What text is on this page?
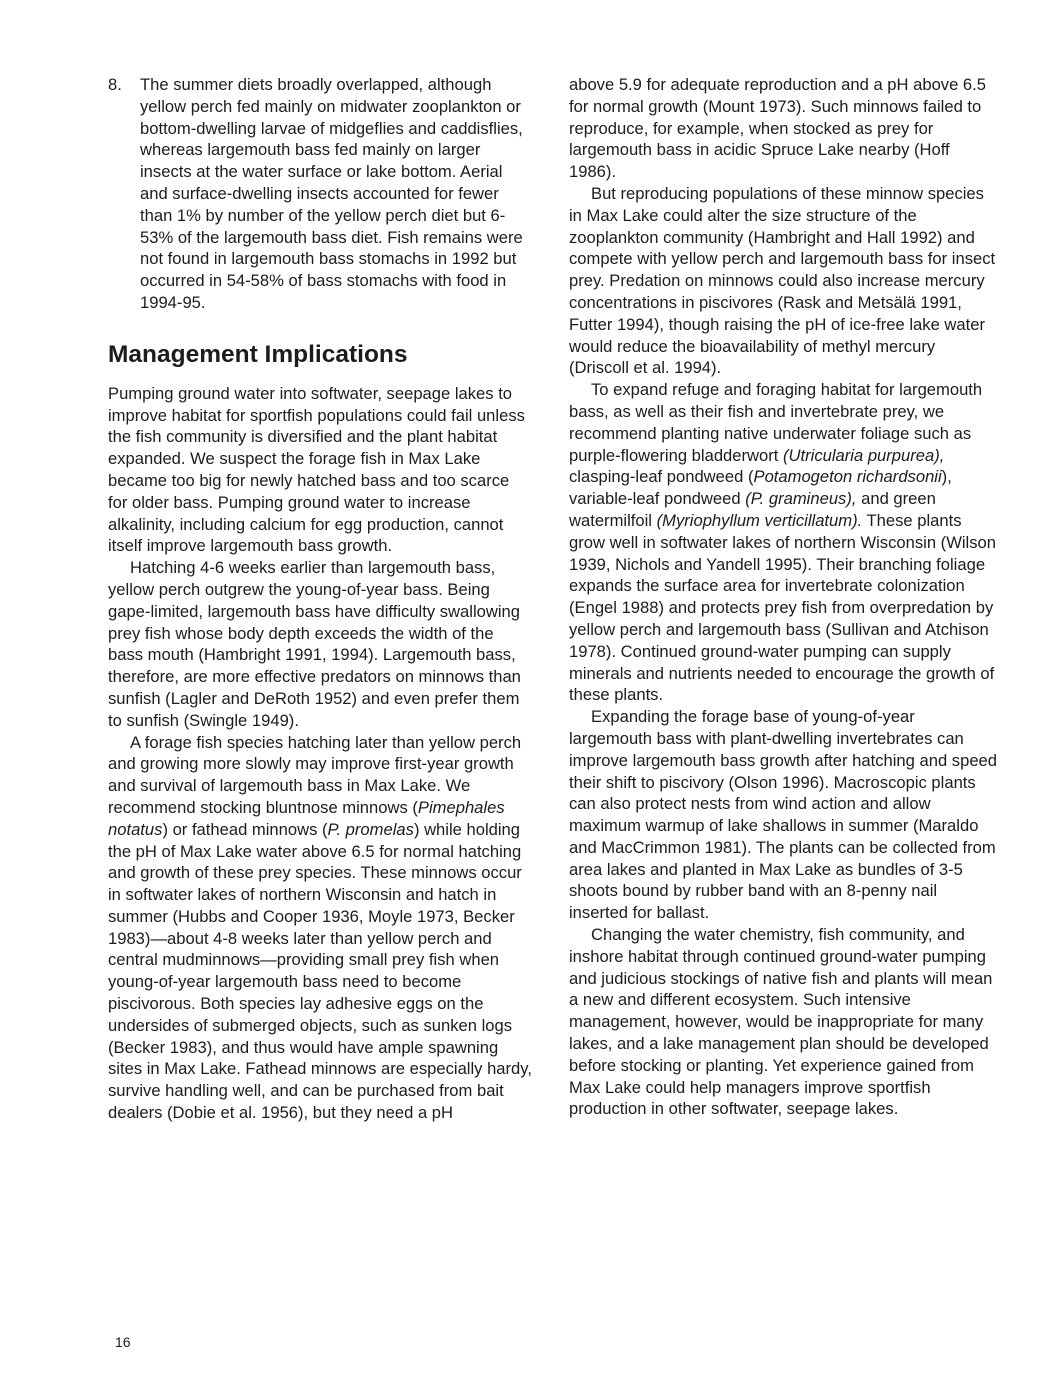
8.	The summer diets broadly overlapped, although yellow perch fed mainly on midwater zooplankton or bottom-dwelling larvae of midgeflies and caddisflies, whereas largemouth bass fed mainly on larger insects at the water surface or lake bottom. Aerial and surface-dwelling insects accounted for fewer than 1% by number of the yellow perch diet but 6-53% of the largemouth bass diet. Fish remains were not found in largemouth bass stomachs in 1992 but occurred in 54-58% of bass stomachs with food in 1994-95.
Management Implications

Pumping ground water into softwater, seepage lakes to improve habitat for sportfish populations could fail unless the fish community is diversified and the plant habitat expanded. We suspect the forage fish in Max Lake became too big for newly hatched bass and too scarce for older bass. Pumping ground water to increase alkalinity, including calcium for egg production, cannot itself improve largemouth bass growth.

Hatching 4-6 weeks earlier than largemouth bass, yellow perch outgrew the young-of-year bass. Being gape-limited, largemouth bass have difficulty swallowing prey fish whose body depth exceeds the width of the bass mouth (Hambright 1991, 1994). Largemouth bass, therefore, are more effective predators on minnows than sunfish (Lagler and DeRoth 1952) and even prefer them to sunfish (Swingle 1949).

A forage fish species hatching later than yellow perch and growing more slowly may improve first-year growth and survival of largemouth bass in Max Lake. We recommend stocking bluntnose minnows (Pimephales notatus) or fathead minnows (P. promelas) while holding the pH of Max Lake water above 6.5 for normal hatching and growth of these prey species. These minnows occur in softwater lakes of northern Wisconsin and hatch in summer (Hubbs and Cooper 1936, Moyle 1973, Becker 1983)—about 4-8 weeks later than yellow perch and central mudminnows—providing small prey fish when young-of-year largemouth bass need to become piscivorous. Both species lay adhesive eggs on the undersides of submerged objects, such as sunken logs (Becker 1983), and thus would have ample spawning sites in Max Lake. Fathead minnows are especially hardy, survive handling well, and can be purchased from bait dealers (Dobie et al. 1956), but they need a pH

above 5.9 for adequate reproduction and a pH above 6.5 for normal growth (Mount 1973). Such minnows failed to reproduce, for example, when stocked as prey for largemouth bass in acidic Spruce Lake nearby (Hoff 1986).

But reproducing populations of these minnow species in Max Lake could alter the size structure of the zooplankton community (Hambright and Hall 1992) and compete with yellow perch and largemouth bass for insect prey. Predation on minnows could also increase mercury concentrations in piscivores (Rask and Metsälä 1991, Futter 1994), though raising the pH of ice-free lake water would reduce the bioavailability of methyl mercury (Driscoll et al. 1994).

To expand refuge and foraging habitat for largemouth bass, as well as their fish and invertebrate prey, we recommend planting native underwater foliage such as purple-flowering bladderwort (Utricularia purpurea), clasping-leaf pondweed (Potamogeton richardsonii), variable-leaf pondweed (P. gramineus), and green watermilfoil (Myriophyllum verticillatum). These plants grow well in softwater lakes of northern Wisconsin (Wilson 1939, Nichols and Yandell 1995). Their branching foliage expands the surface area for invertebrate colonization (Engel 1988) and protects prey fish from overpredation by yellow perch and largemouth bass (Sullivan and Atchison 1978). Continued ground-water pumping can supply minerals and nutrients needed to encourage the growth of these plants.

Expanding the forage base of young-of-year largemouth bass with plant-dwelling invertebrates can improve largemouth bass growth after hatching and speed their shift to piscivory (Olson 1996). Macroscopic plants can also protect nests from wind action and allow maximum warmup of lake shallows in summer (Maraldo and MacCrimmon 1981). The plants can be collected from area lakes and planted in Max Lake as bundles of 3-5 shoots bound by rubber band with an 8-penny nail inserted for ballast.

Changing the water chemistry, fish community, and inshore habitat through continued ground-water pumping and judicious stockings of native fish and plants will mean a new and different ecosystem. Such intensive management, however, would be inappropriate for many lakes, and a lake management plan should be developed before stocking or planting. Yet experience gained from Max Lake could help managers improve sportfish production in other softwater, seepage lakes.

16
